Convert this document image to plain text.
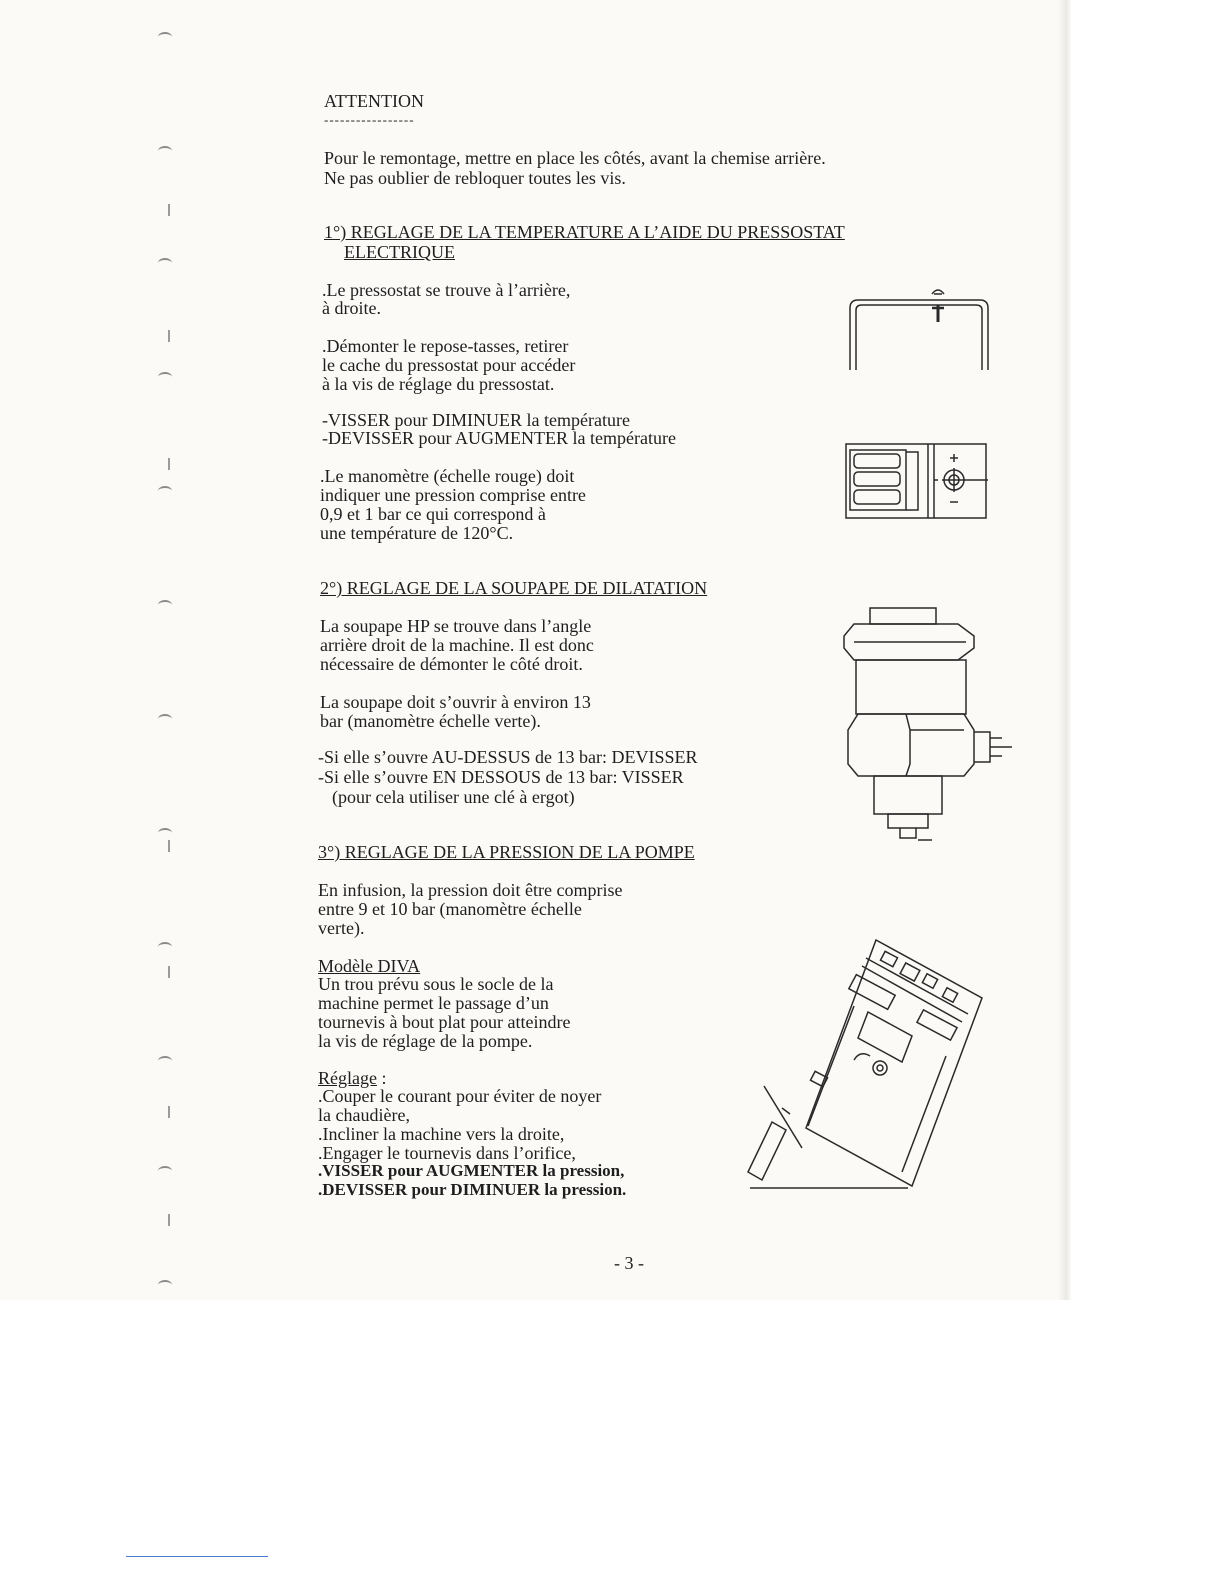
ATTENTION

-----------------

Pour le remontage, mettre en place les côtés, avant la chemise arrière.

Ne pas oublier de rebloquer toutes les vis.

1°) REGLAGE DE LA TEMPERATURE A L’AIDE DU PRESSOSTAT

ELECTRIQUE

.Le pressostat se trouve à l’arrière,

à droite.

.Démonter le repose-tasses, retirer

le cache du pressostat pour accéder

à la vis de réglage du pressostat.

-VISSER pour DIMINUER la température

-DEVISSER pour AUGMENTER la température

.Le manomètre (échelle rouge) doit

indiquer une pression comprise entre

0,9 et 1 bar ce qui correspond à

une température de 120°C.

2°) REGLAGE DE LA SOUPAPE DE DILATATION

La soupape HP se trouve dans l’angle

arrière droit de la machine. Il est donc

nécessaire de démonter le côté droit.

La soupape doit s’ouvrir à environ 13

bar (manomètre échelle verte).

-Si elle s’ouvre AU-DESSUS de 13 bar: DEVISSER

-Si elle s’ouvre EN DESSOUS de 13 bar: VISSER

(pour cela utiliser une clé à ergot)

3°) REGLAGE DE LA PRESSION DE LA POMPE

En infusion, la pression doit être comprise

entre 9 et 10 bar (manomètre échelle

verte).

Modèle DIVA

Un trou prévu sous le socle de la

machine permet le passage d’un

tournevis à bout plat pour atteindre

la vis de réglage de la pompe.

Réglage :

.Couper le courant pour éviter de noyer

la chaudière,

.Incliner la machine vers la droite,

.Engager le tournevis dans l’orifice,

.VISSER pour AUGMENTER la pression,

.DEVISSER pour DIMINUER la pression.

- 3 -
